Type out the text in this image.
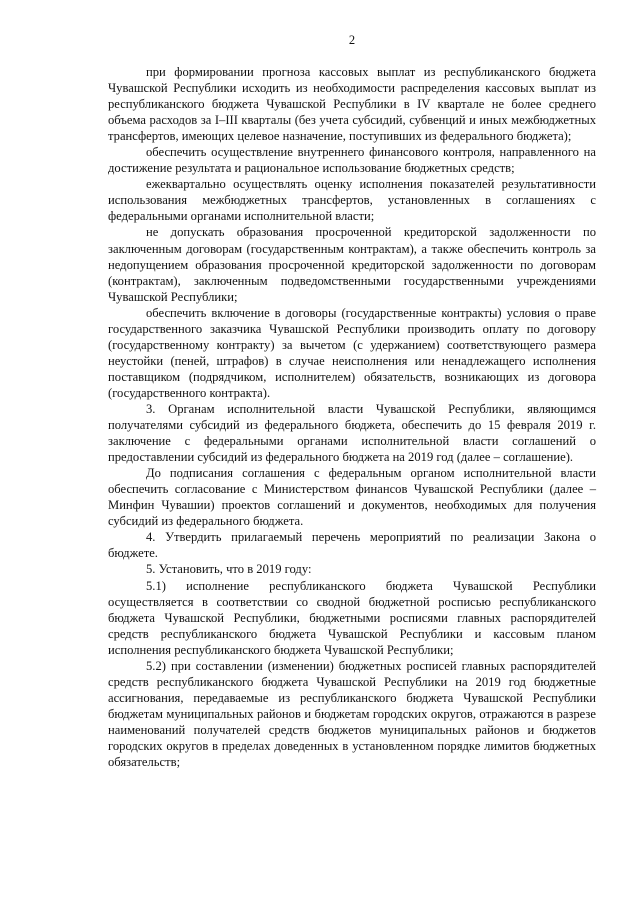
2

при формировании прогноза кассовых выплат из республиканского бюджета Чувашской Республики исходить из необходимости распределения кассовых выплат из республиканского бюджета Чувашской Республики в IV квартале не более среднего объема расходов за I–III кварталы (без учета субсидий, субвенций и иных межбюджетных трансфертов, имеющих целевое назначение, поступивших из федерального бюджета);

обеспечить осуществление внутреннего финансового контроля, направленного на достижение результата и рациональное использование бюджетных средств;

ежеквартально осуществлять оценку исполнения показателей результативности использования межбюджетных трансфертов, установленных в соглашениях с федеральными органами исполнительной власти;

не допускать образования просроченной кредиторской задолженности по заключенным договорам (государственным контрактам), а также обеспечить контроль за недопущением образования просроченной кредиторской задолженности по договорам (контрактам), заключенным подведомственными государственными учреждениями Чувашской Республики;

обеспечить включение в договоры (государственные контракты) условия о праве государственного заказчика Чувашской Республики производить оплату по договору (государственному контракту) за вычетом (с удержанием) соответствующего размера неустойки (пеней, штрафов) в случае неисполнения или ненадлежащего исполнения поставщиком (подрядчиком, исполнителем) обязательств, возникающих из договора (государственного контракта).

3. Органам исполнительной власти Чувашской Республики, являющимся получателями субсидий из федерального бюджета, обеспечить до 15 февраля 2019 г. заключение с федеральными органами исполнительной власти соглашений о предоставлении субсидий из федерального бюджета на 2019 год (далее – соглашение).

До подписания соглашения с федеральным органом исполнительной власти обеспечить согласование с Министерством финансов Чувашской Республики (далее – Минфин Чувашии) проектов соглашений и документов, необходимых для получения субсидий из федерального бюджета.

4. Утвердить прилагаемый перечень мероприятий по реализации Закона о бюджете.

5. Установить, что в 2019 году:

5.1) исполнение республиканского бюджета Чувашской Республики осуществляется в соответствии со сводной бюджетной росписью республиканского бюджета Чувашской Республики, бюджетными росписями главных распорядителей средств республиканского бюджета Чувашской Республики и кассовым планом исполнения республиканского бюджета Чувашской Республики;

5.2) при составлении (изменении) бюджетных росписей главных распорядителей средств республиканского бюджета Чувашской Республики на 2019 год бюджетные ассигнования, передаваемые из республиканского бюджета Чувашской Республики бюджетам муниципальных районов и бюджетам городских округов, отражаются в разрезе наименований получателей средств бюджетов муниципальных районов и бюджетов городских округов в пределах доведенных в установленном порядке лимитов бюджетных обязательств;
